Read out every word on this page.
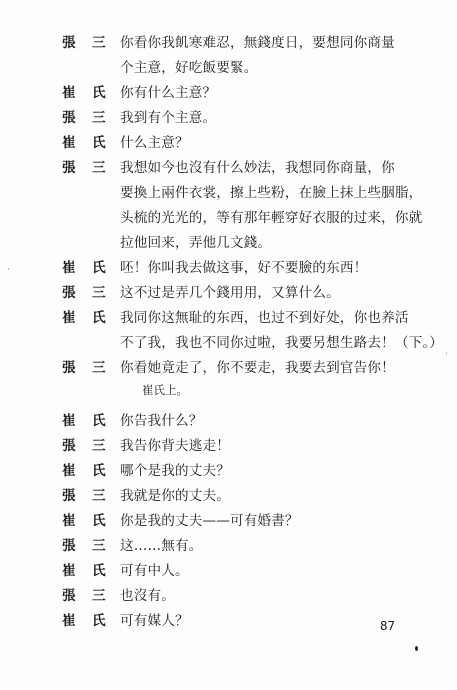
張 三 你看你我飢寒难忍，無錢度日，要想同你商量
个主意，好吃飯要緊。
崔 氏 你有什么主意？
張 三 我到有个主意。
崔 氏 什么主意？
張 三 我想如今也沒有什么妙法，我想同你商量，你
要換上兩件衣裳，擦上些粉，在臉上抹上些胭脂，
头梳的光光的，等有那年輕穿好衣服的过来，你就
拉他回来，弄他几文錢。
崔 氏 呸！你叫我去做这事，好不要臉的东西！
張 三 这不过是弄几个錢用用，又算什么。
崔 氏 我同你这無耻的东西，也过不到好处，你也养活
不了我，我也不同你过啦，我要另想生路去！（下。）
張 三 你看她竟走了，你不要走，我要去到官告你！
崔氏上。
崔 氏 你告我什么？
張 三 我告你背夫逃走！
崔 氏 哪个是我的丈夫？
張 三 我就是你的丈夫。
崔 氏 你是我的丈夫——可有婚書？
張 三 这……無有。
崔 氏 可有中人。
張 三 也沒有。
崔 氏 可有媒人？	87
